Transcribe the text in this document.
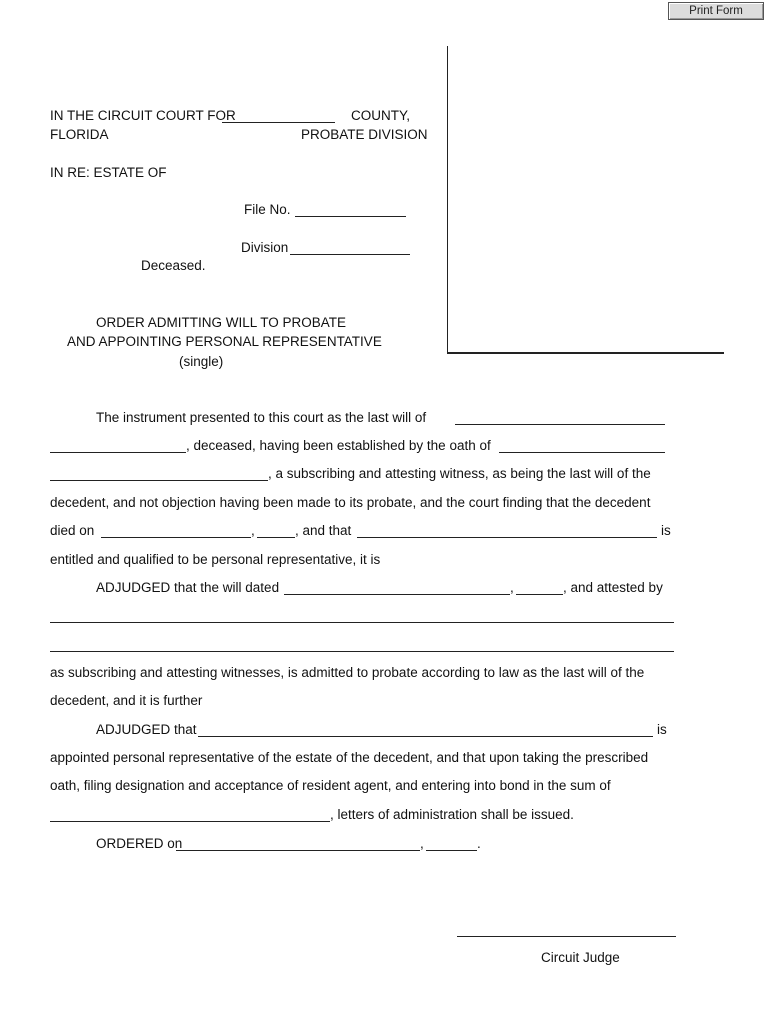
Print Form
IN THE CIRCUIT COURT FOR	COUNTY,
FLORIDA	PROBATE DIVISION
IN RE: ESTATE OF
File No.
Division
Deceased.
ORDER ADMITTING WILL TO PROBATE
AND APPOINTING PERSONAL REPRESENTATIVE
(single)
The instrument presented to this court as the last will of
, deceased, having been established by the oath of
, a subscribing and attesting witness, as being the last will of the
decedent, and not objection having been made to its probate, and the court finding that the decedent
died on	,	, and that	is
entitled and qualified to be personal representative, it is
ADJUDGED that the will dated	,	, and attested by
as subscribing and attesting witnesses, is admitted to probate according to law as the last will of the
decedent, and it is further
ADJUDGED that	is
appointed personal representative of the estate of the decedent, and that upon taking the prescribed
oath, filing designation and acceptance of resident agent, and entering into bond in the sum of
, letters of administration shall be issued.
ORDERED on	,	.
Circuit Judge
